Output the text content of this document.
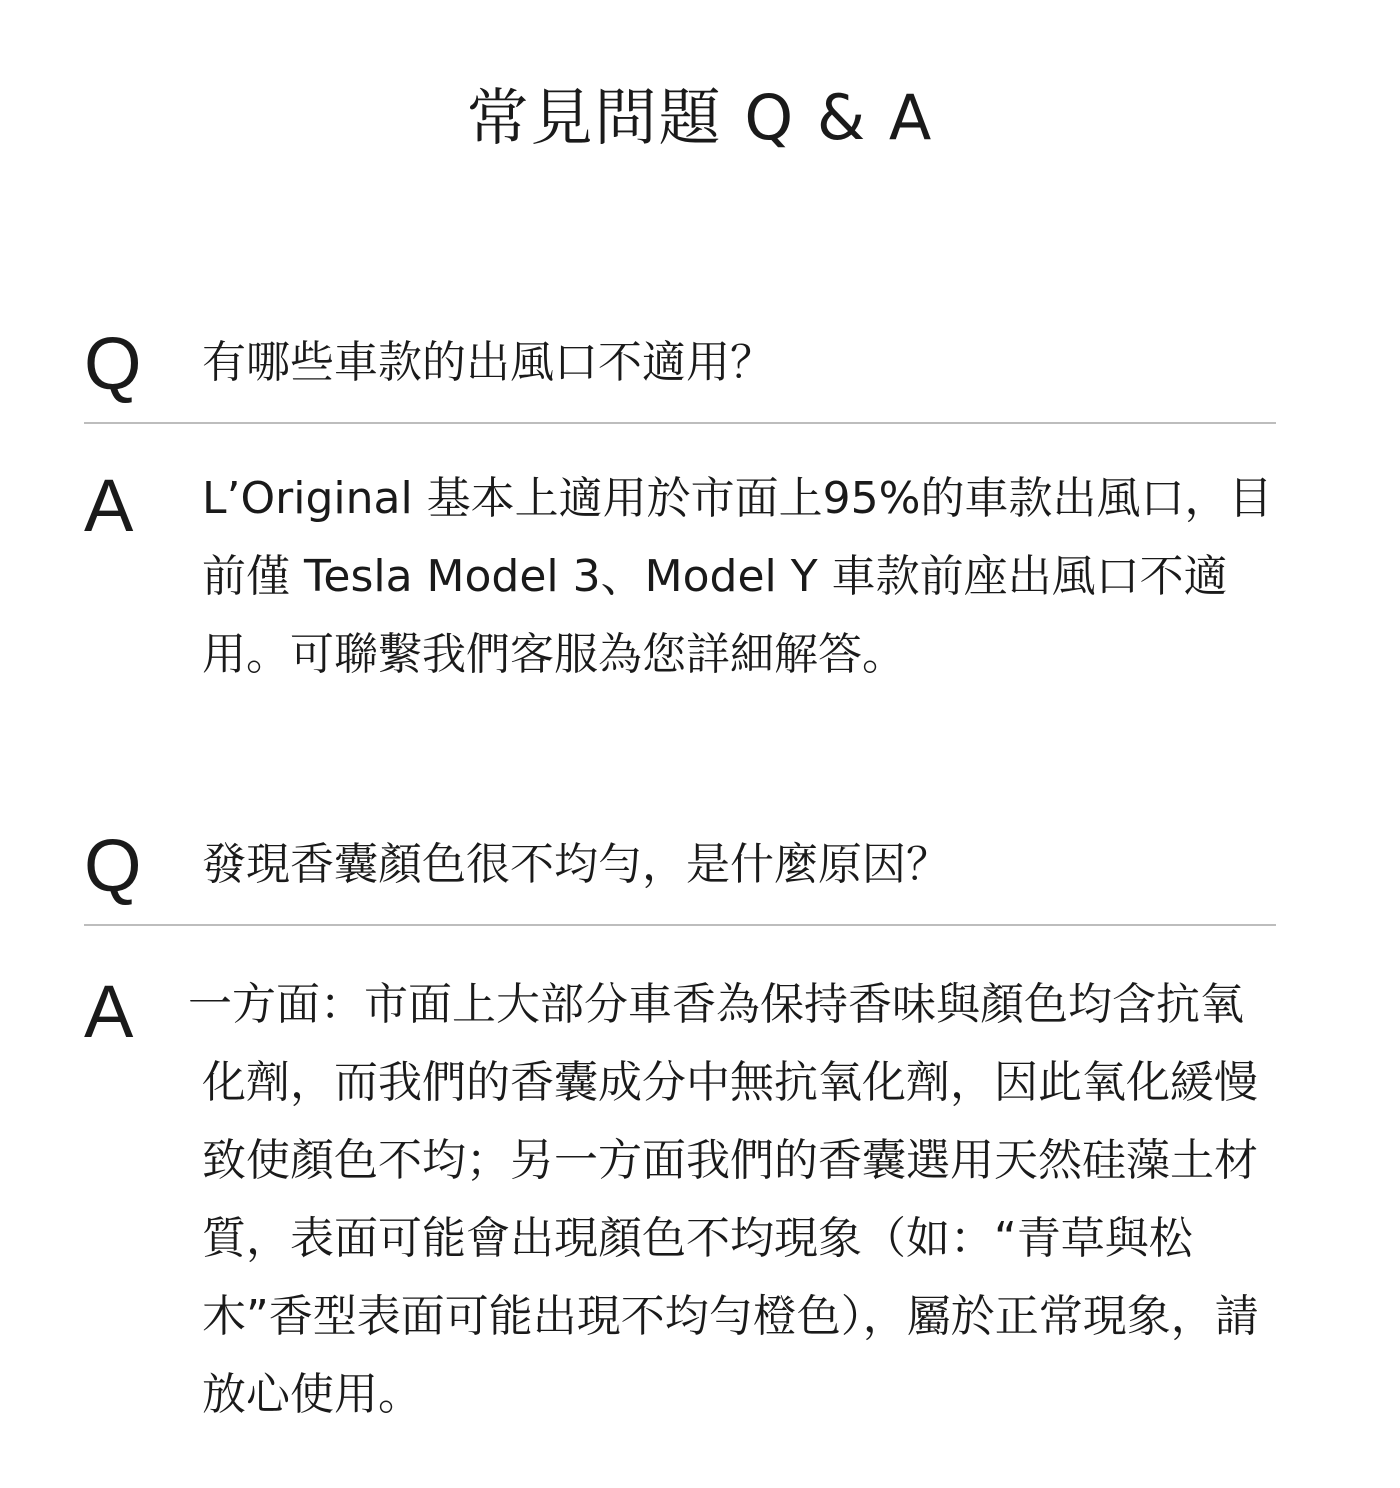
常見問題 Q & A
Q 有哪些車款的出風口不適用？
A L’Original 基本上適用於市面上95%的車款出風口，目前僅 Tesla Model 3、Model Y 車款前座出風口不適用。可聯繫我們客服為您詳細解答。

Q 發現香囊顏色很不均勻，是什麼原因？
A 一方面：市面上大部分車香為保持香味與顏色均含抗氧化劑，而我們的香囊成分中無抗氧化劑，因此氧化緩慢致使顏色不均；另一方面我們的香囊選用天然硅藻土材質，表面可能會出現顏色不均現象（如：“青草與松木”香型表面可能出現不均勻橙色），屬於正常現象，請放心使用。
